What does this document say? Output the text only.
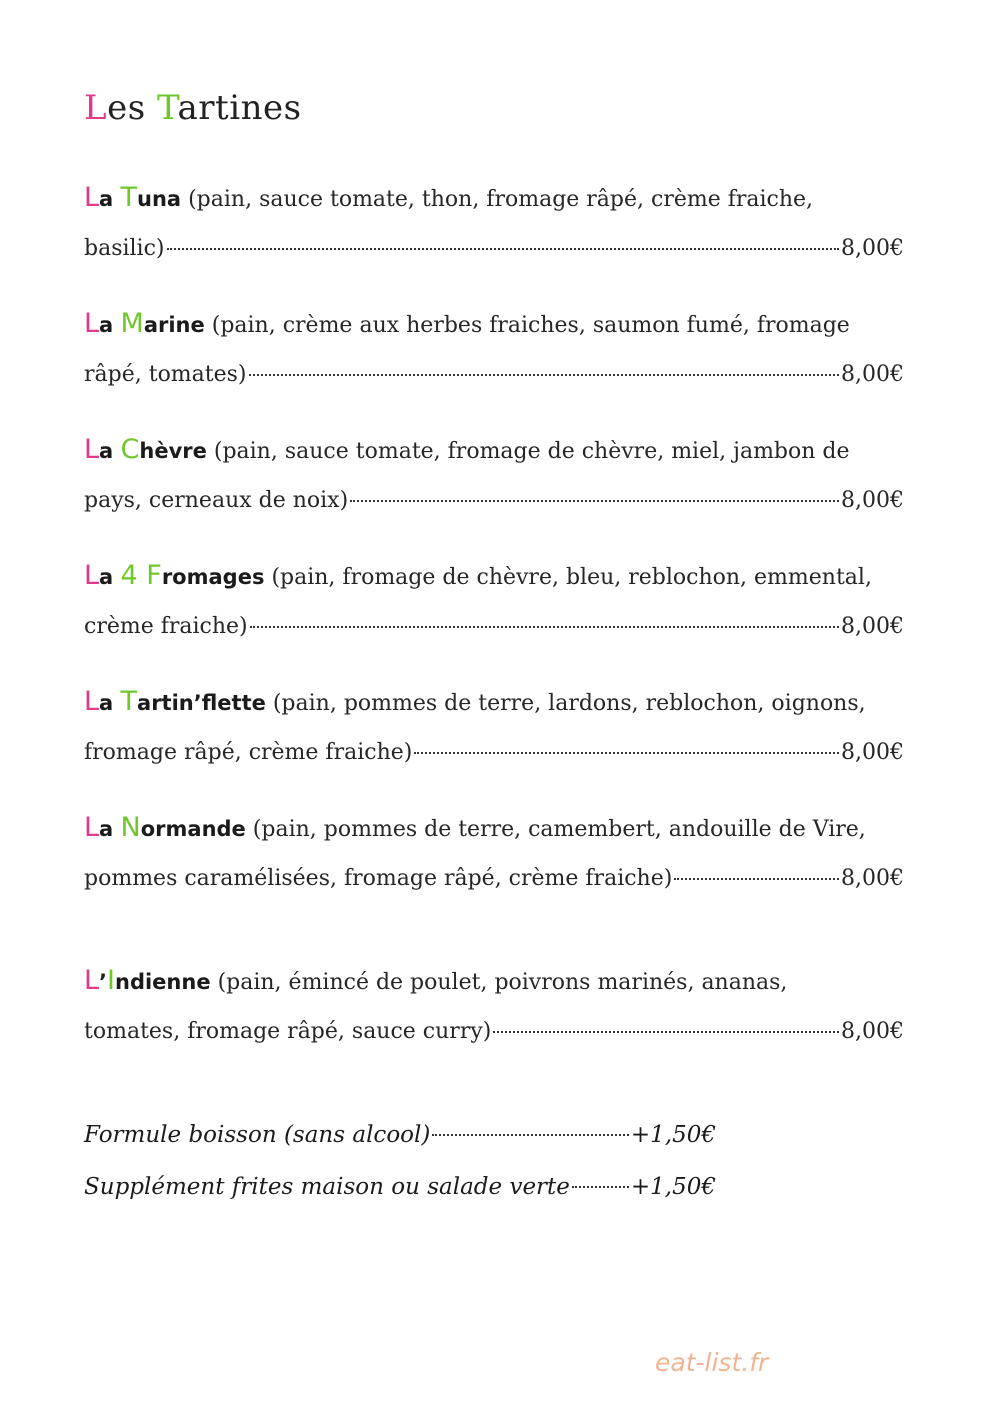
Les Tartines
La Tuna (pain, sauce tomate, thon, fromage râpé, crème fraiche,
basilic)	8,00€
La Marine (pain, crème aux herbes fraiches, saumon fumé, fromage
râpé, tomates)	8,00€
La Chèvre (pain, sauce tomate, fromage de chèvre, miel, jambon de
pays, cerneaux de noix)	8,00€
La 4 Fromages (pain, fromage de chèvre, bleu, reblochon, emmental,
crème fraiche)	8,00€
La Tartin’flette (pain, pommes de terre, lardons, reblochon, oignons,
fromage râpé, crème fraiche)	8,00€
La Normande (pain, pommes de terre, camembert, andouille de Vire,
pommes caramélisées, fromage râpé, crème fraiche)	8,00€
L’Indienne (pain, émincé de poulet, poivrons marinés, ananas,
tomates, fromage râpé, sauce curry)	8,00€
Formule boisson (sans alcool)	+1,50€
Supplément frites maison ou salade verte	+1,50€
eat-list.fr
